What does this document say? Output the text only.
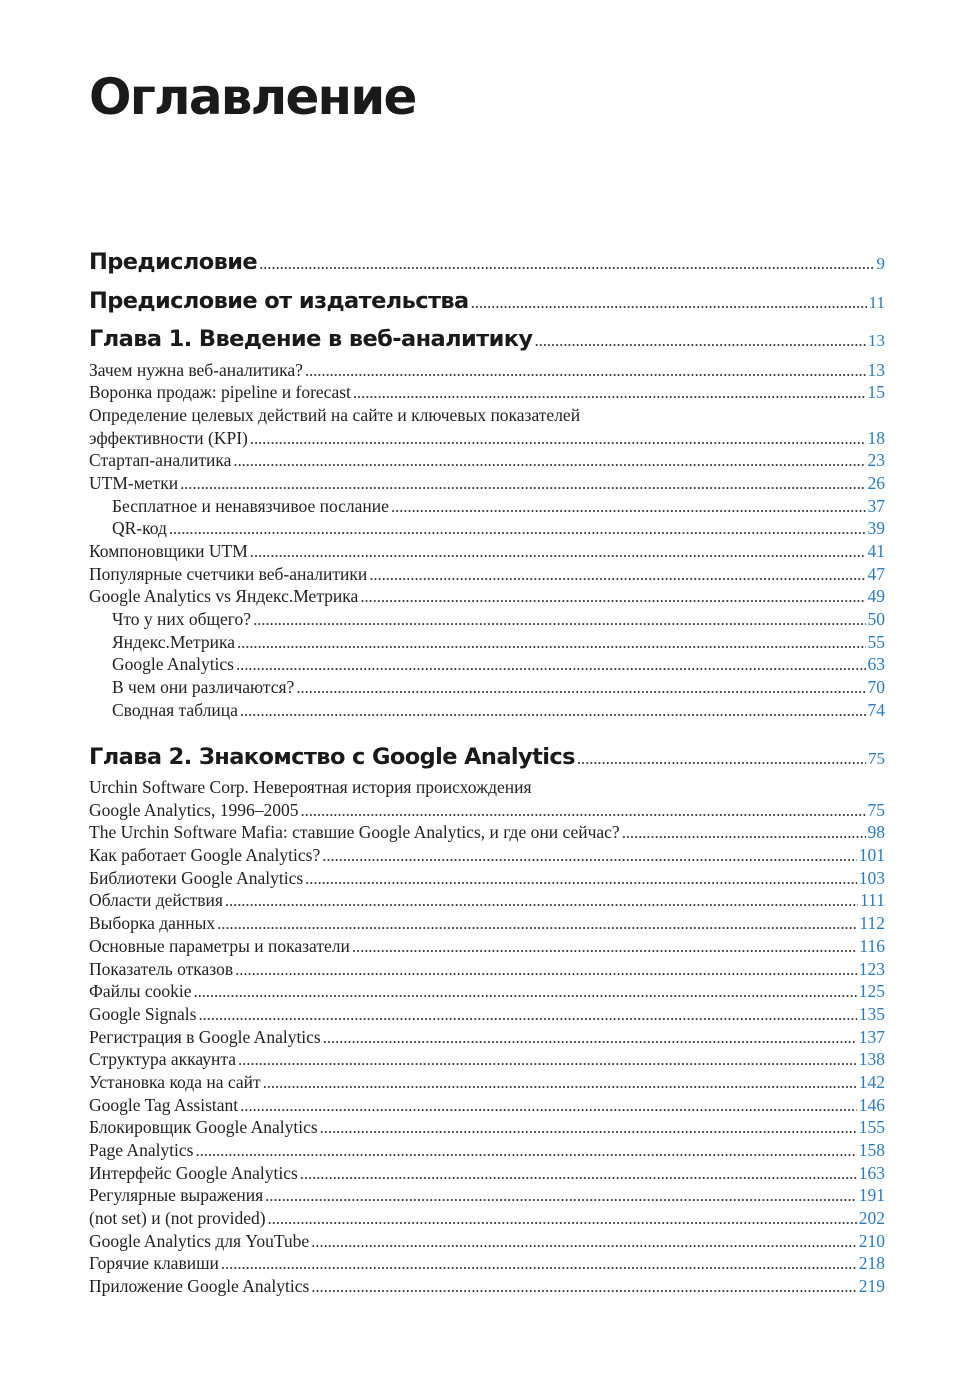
Оглавление
Предисловие . . .	9
Предисловие от издательства . . .	11
Глава 1. Введение в веб-аналитику . . .	13
Зачем нужна веб-аналитика? . . .	13
Воронка продаж: pipeline и forecast . . .	15
Определение целевых действий на сайте и ключевых показателей
эффективности (KPI) . . .	18
Стартап-аналитика . . .	23
UTM-метки . . .	26
Бесплатное и ненавязчивое послание . . .	37
QR-код . . .	39
Компоновщики UTM . . .	41
Популярные счетчики веб-аналитики . . .	47
Google Analytics vs Яндекс.Метрика . . .	49
Что у них общего? . . .	50
Яндекс.Метрика . . .	55
Google Analytics . . .	63
В чем они различаются? . . .	70
Сводная таблица . . .	74
Глава 2. Знакомство с Google Analytics . . .	75
Urchin Software Corp. Невероятная история происхождения
Google Analytics, 1996–2005 . . .	75
The Urchin Software Mafia: ставшие Google Analytics, и где они сейчас? . . .	98
Как работает Google Analytics? . . .	101
Библиотеки Google Analytics . . .	103
Области действия . . .	111
Выборка данных . . .	112
Основные параметры и показатели . . .	116
Показатель отказов . . .	123
Файлы cookie . . .	125
Google Signals . . .	135
Регистрация в Google Analytics . . .	137
Структура аккаунта . . .	138
Установка кода на сайт . . .	142
Google Tag Assistant . . .	146
Блокировщик Google Analytics . . .	155
Page Analytics . . .	158
Интерфейс Google Analytics . . .	163
Регулярные выражения . . .	191
(not set) и (not provided) . . .	202
Google Analytics для YouTube . . .	210
Горячие клавиши . . .	218
Приложение Google Analytics . . .	219
